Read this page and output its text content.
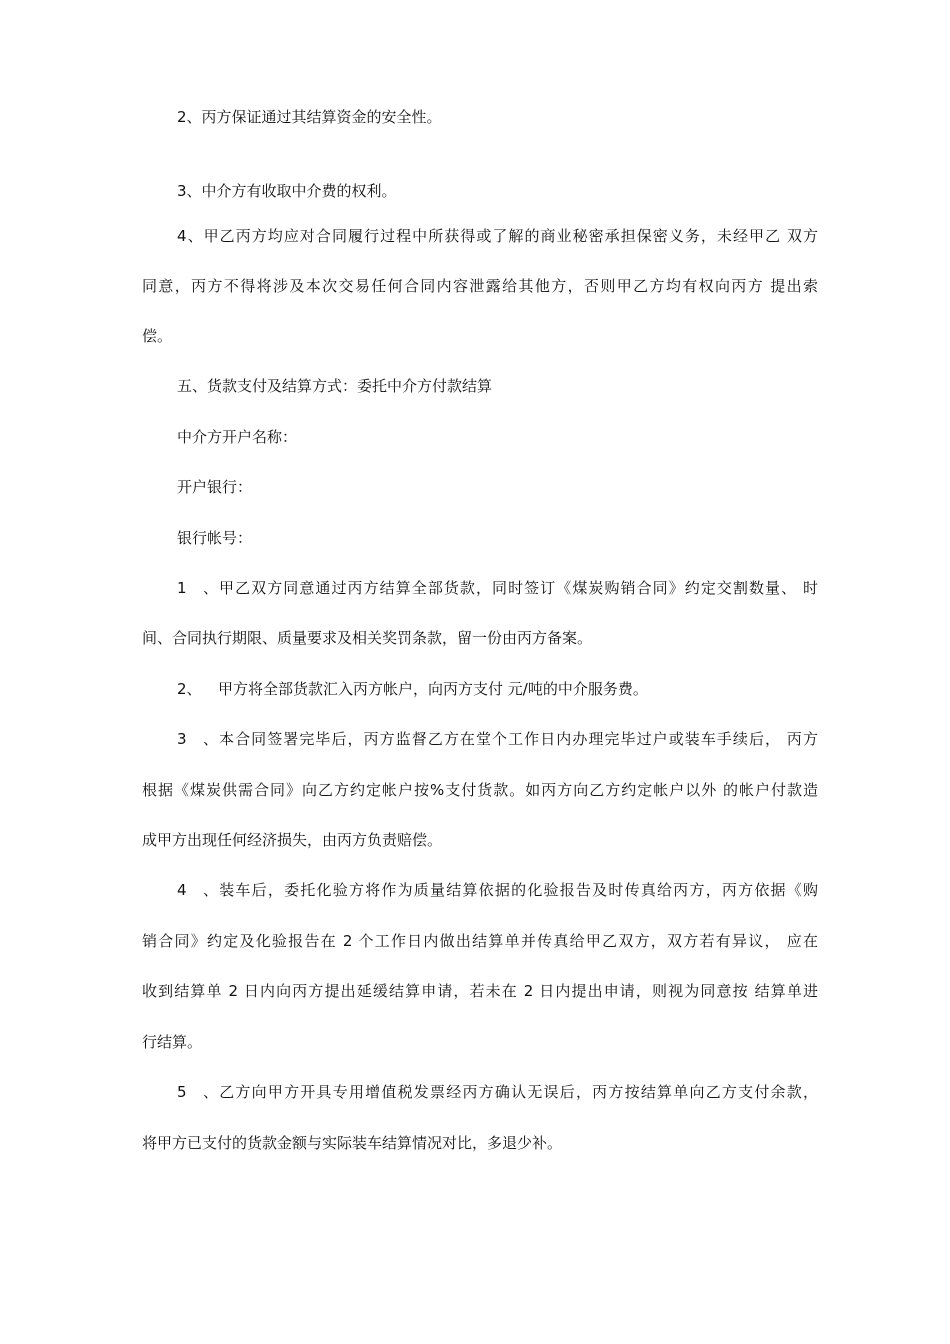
2、丙方保证通过其结算资金的安全性。
3、中介方有收取中介费的权利。
4、甲乙丙方均应对合同履行过程中所获得或了解的商业秘密承担保密义务，未经甲乙 双方
同意，丙方不得将涉及本次交易任何合同内容泄露给其他方，否则甲乙方均有权向丙方 提出索
偿。
五、货款支付及结算方式：委托中介方付款结算
中介方开户名称：
开户银行：
银行帐号：
1、甲乙双方同意通过丙方结算全部货款，同时签订《煤炭购销合同》约定交割数量、 时
间、合同执行期限、质量要求及相关奖罚条款，留一份由丙方备案。
2、 甲方将全部货款汇入丙方帐户，向丙方支付 元/吨的中介服务费。
3、本合同签署完毕后，丙方监督乙方在堂个工作日内办理完毕过户或装车手续后， 丙方
根据《煤炭供需合同》向乙方约定帐户按%支付货款。如丙方向乙方约定帐户以外 的帐户付款造
成甲方出现任何经济损失，由丙方负责赔偿。
4、装车后，委托化验方将作为质量结算依据的化验报告及时传真给丙方，丙方依据《购
销合同》约定及化验报告在 2 个工作日内做出结算单并传真给甲乙双方，双方若有异议， 应在
收到结算单 2 日内向丙方提出延缓结算申请，若未在 2 日内提出申请，则视为同意按 结算单进
行结算。
5、乙方向甲方开具专用增值税发票经丙方确认无误后，丙方按结算单向乙方支付余款，
将甲方已支付的货款金额与实际装车结算情况对比，多退少补。
